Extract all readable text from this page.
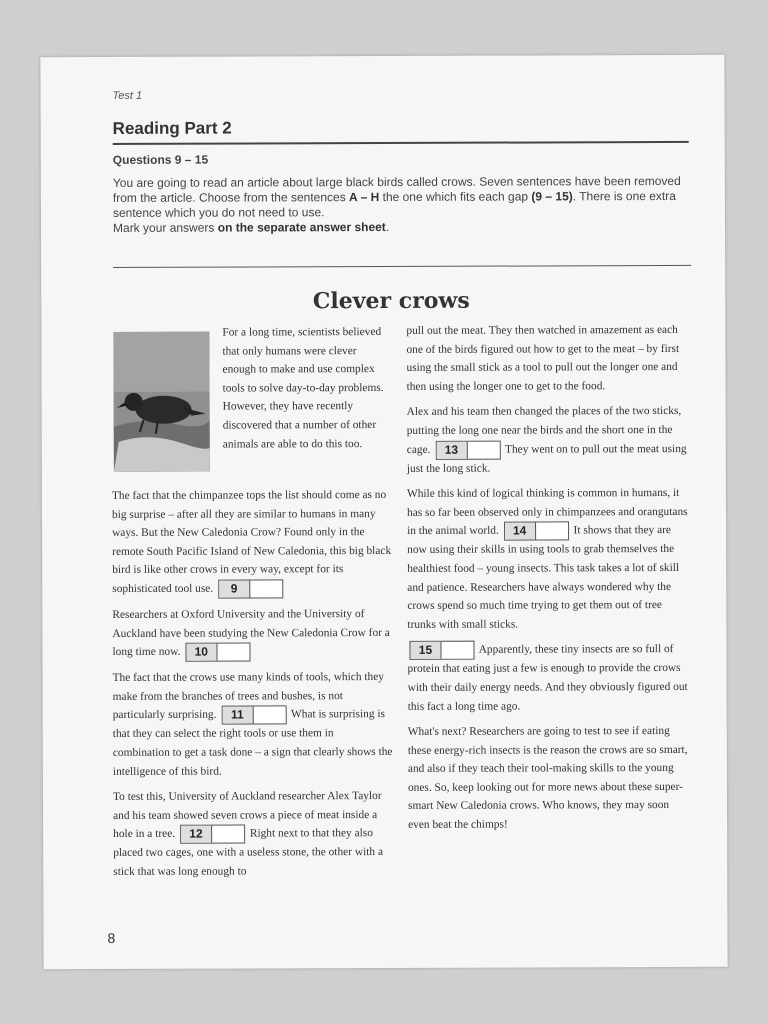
Test 1
Reading Part 2
Questions 9 – 15
You are going to read an article about large black birds called crows. Seven sentences have been removed from the article. Choose from the sentences A – H the one which fits each gap (9 – 15). There is one extra sentence which you do not need to use.
Mark your answers on the separate answer sheet.
Clever crows
For a long time, scientists believed that only humans were clever enough to make and use complex tools to solve day-to-day problems. However, they have recently discovered that a number of other animals are able to do this too.

The fact that the chimpanzee tops the list should come as no big surprise – after all they are similar to humans in many ways. But the New Caledonia Crow? Found only in the remote South Pacific Island of New Caledonia, this big black bird is like other crows in every way, except for its sophisticated tool use.	9

Researchers at Oxford University and the University of Auckland have been studying the New Caledonia Crow for a long time now.	10

The fact that the crows use many kinds of tools, which they make from the branches of trees and bushes, is not particularly surprising.	11	What is surprising is that they can select the right tools or use them in combination to get a task done – a sign that clearly shows the intelligence of this bird.

To test this, University of Auckland researcher Alex Taylor and his team showed seven crows a piece of meat inside a hole in a tree.	12	Right next to that they also placed two cages, one with a useless stone, the other with a stick that was long enough to

pull out the meat. They then watched in amazement as each one of the birds figured out how to get to the meat – by first using the small stick as a tool to pull out the longer one and then using the longer one to get to the food.

Alex and his team then changed the places of the two sticks, putting the long one near the birds and the short one in the cage.	13	They went on to pull out the meat using just the long stick.

While this kind of logical thinking is common in humans, it has so far been observed only in chimpanzees and orangutans in the animal world.	14	It shows that they are now using their skills in using tools to grab themselves the healthiest food – young insects. This task takes a lot of skill and patience. Researchers have always wondered why the crows spend so much time trying to get them out of tree trunks with small sticks.

15	Apparently, these tiny insects are so full of protein that eating just a few is enough to provide the crows with their daily energy needs. And they obviously figured out this fact a long time ago.

What's next? Researchers are going to test to see if eating these energy-rich insects is the reason the crows are so smart, and also if they teach their tool-making skills to the young ones. So, keep looking out for more news about these super-smart New Caledonia crows. Who knows, they may soon even beat the chimps!

8
